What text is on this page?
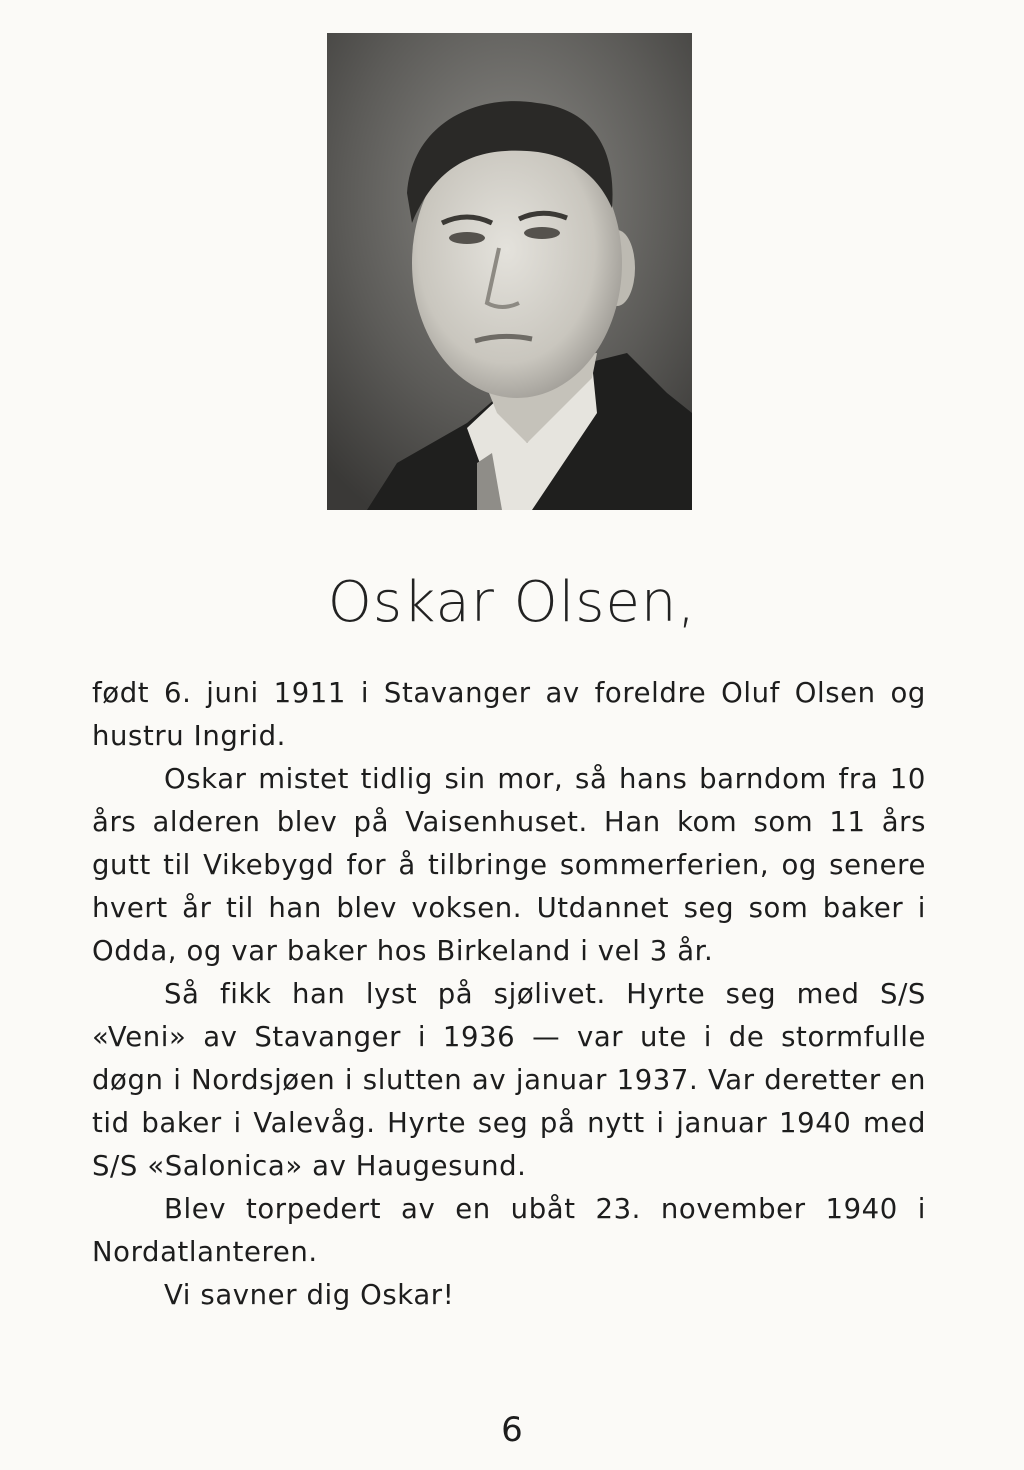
Oskar Olsen,

født 6. juni 1911 i Stavanger av foreldre Oluf Olsen og hustru Ingrid.

Oskar mistet tidlig sin mor, så hans barndom fra 10 års alderen blev på Vaisenhuset. Han kom som 11 års gutt til Vikebygd for å tilbringe sommerferien, og senere hvert år til han blev voksen. Utdannet seg som baker i Odda, og var baker hos Birkeland i vel 3 år.

Så fikk han lyst på sjølivet. Hyrte seg med S/S «Veni» av Stavanger i 1936 — var ute i de stormfulle døgn i Nordsjøen i slutten av januar 1937. Var deretter en tid baker i Valevåg. Hyrte seg på nytt i januar 1940 med S/S «Salonica» av Haugesund.

Blev torpedert av en ubåt 23. november 1940 i Nordatlanteren.

Vi savner dig Oskar!

6
